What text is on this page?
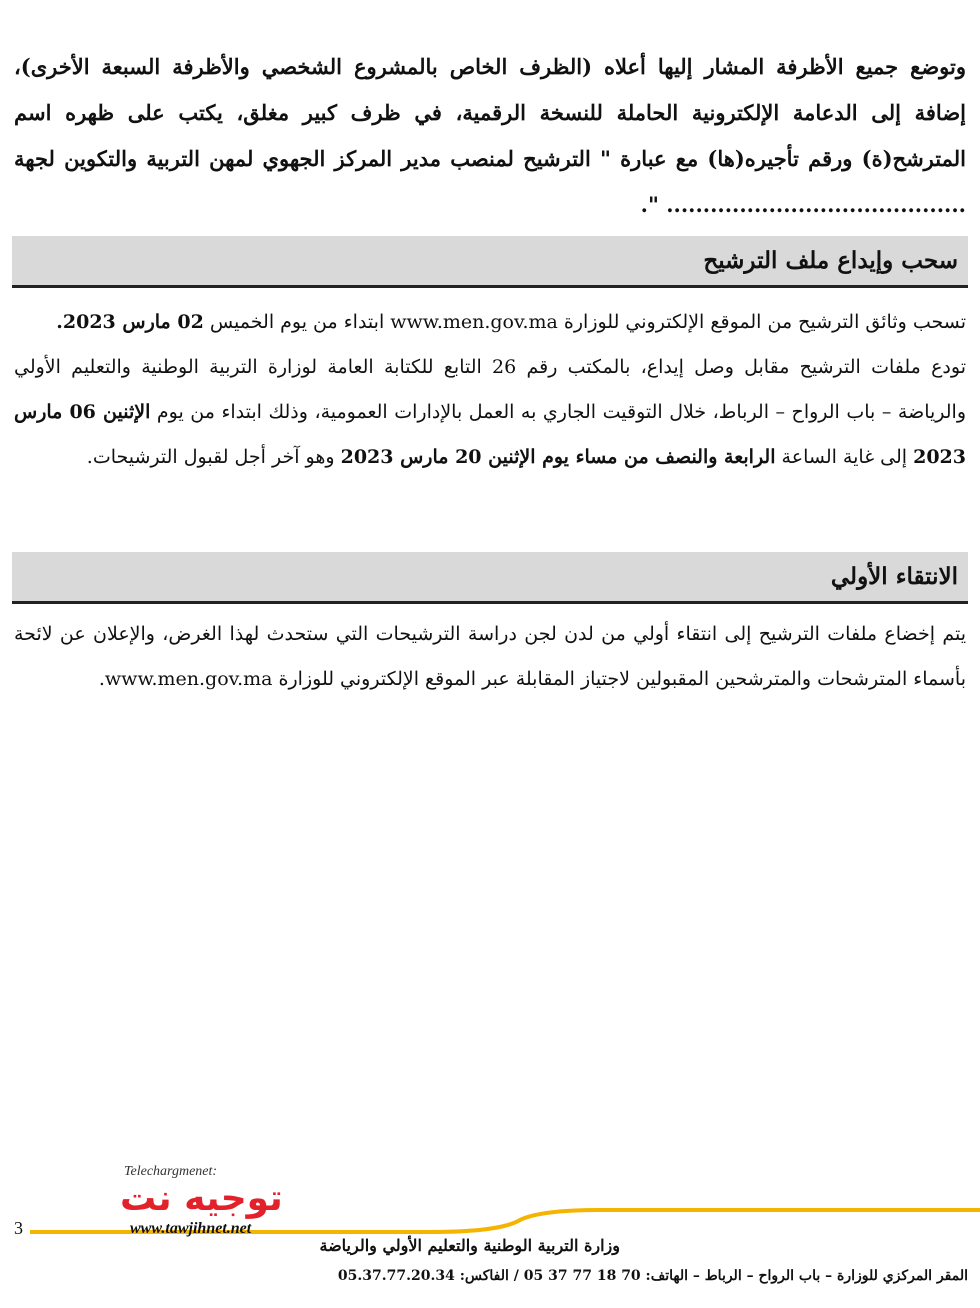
وتوضع جميع الأظرفة المشار إليها أعلاه (الظرف الخاص بالمشروع الشخصي والأظرفة السبعة الأخرى)، إضافة إلى الدعامة الإلكترونية الحاملة للنسخة الرقمية، في ظرف كبير مغلق، يكتب على ظهره اسم المترشح(ة) ورقم تأجيره(ها) مع عبارة " الترشيح لمنصب مدير المركز الجهوي لمهن التربية والتكوين لجهة ......................................... ".
سحب وإيداع ملف الترشيح

تسحب وثائق الترشيح من الموقع الإلكتروني للوزارة www.men.gov.ma ابتداء من يوم الخميس 02 مارس 2023.

تودع ملفات الترشيح مقابل وصل إيداع، بالمكتب رقم 26 التابع للكتابة العامة لوزارة التربية الوطنية والتعليم الأولي والرياضة – باب الرواح – الرباط، خلال التوقيت الجاري به العمل بالإدارات العمومية، وذلك ابتداء من يوم الإثنين 06 مارس 2023 إلى غاية الساعة الرابعة والنصف من مساء يوم الإثنين 20 مارس 2023 وهو آخر أجل لقبول الترشيحات.

الانتقاء الأولي

يتم إخضاع ملفات الترشيح إلى انتقاء أولي من لدن لجن دراسة الترشيحات التي ستحدث لهذا الغرض، والإعلان عن لائحة بأسماء المترشحات والمترشحين المقبولين لاجتياز المقابلة عبر الموقع الإلكتروني للوزارة www.men.gov.ma.

3
Telechargmenet:
توجيه نت
www.tawjihnet.net
وزارة التربية الوطنية والتعليم الأولي والرياضة
المقر المركزي للوزارة – باب الرواح – الرباط – الهاتف: 70 18 77 37 05 / الفاكس: 05.37.77.20.34
